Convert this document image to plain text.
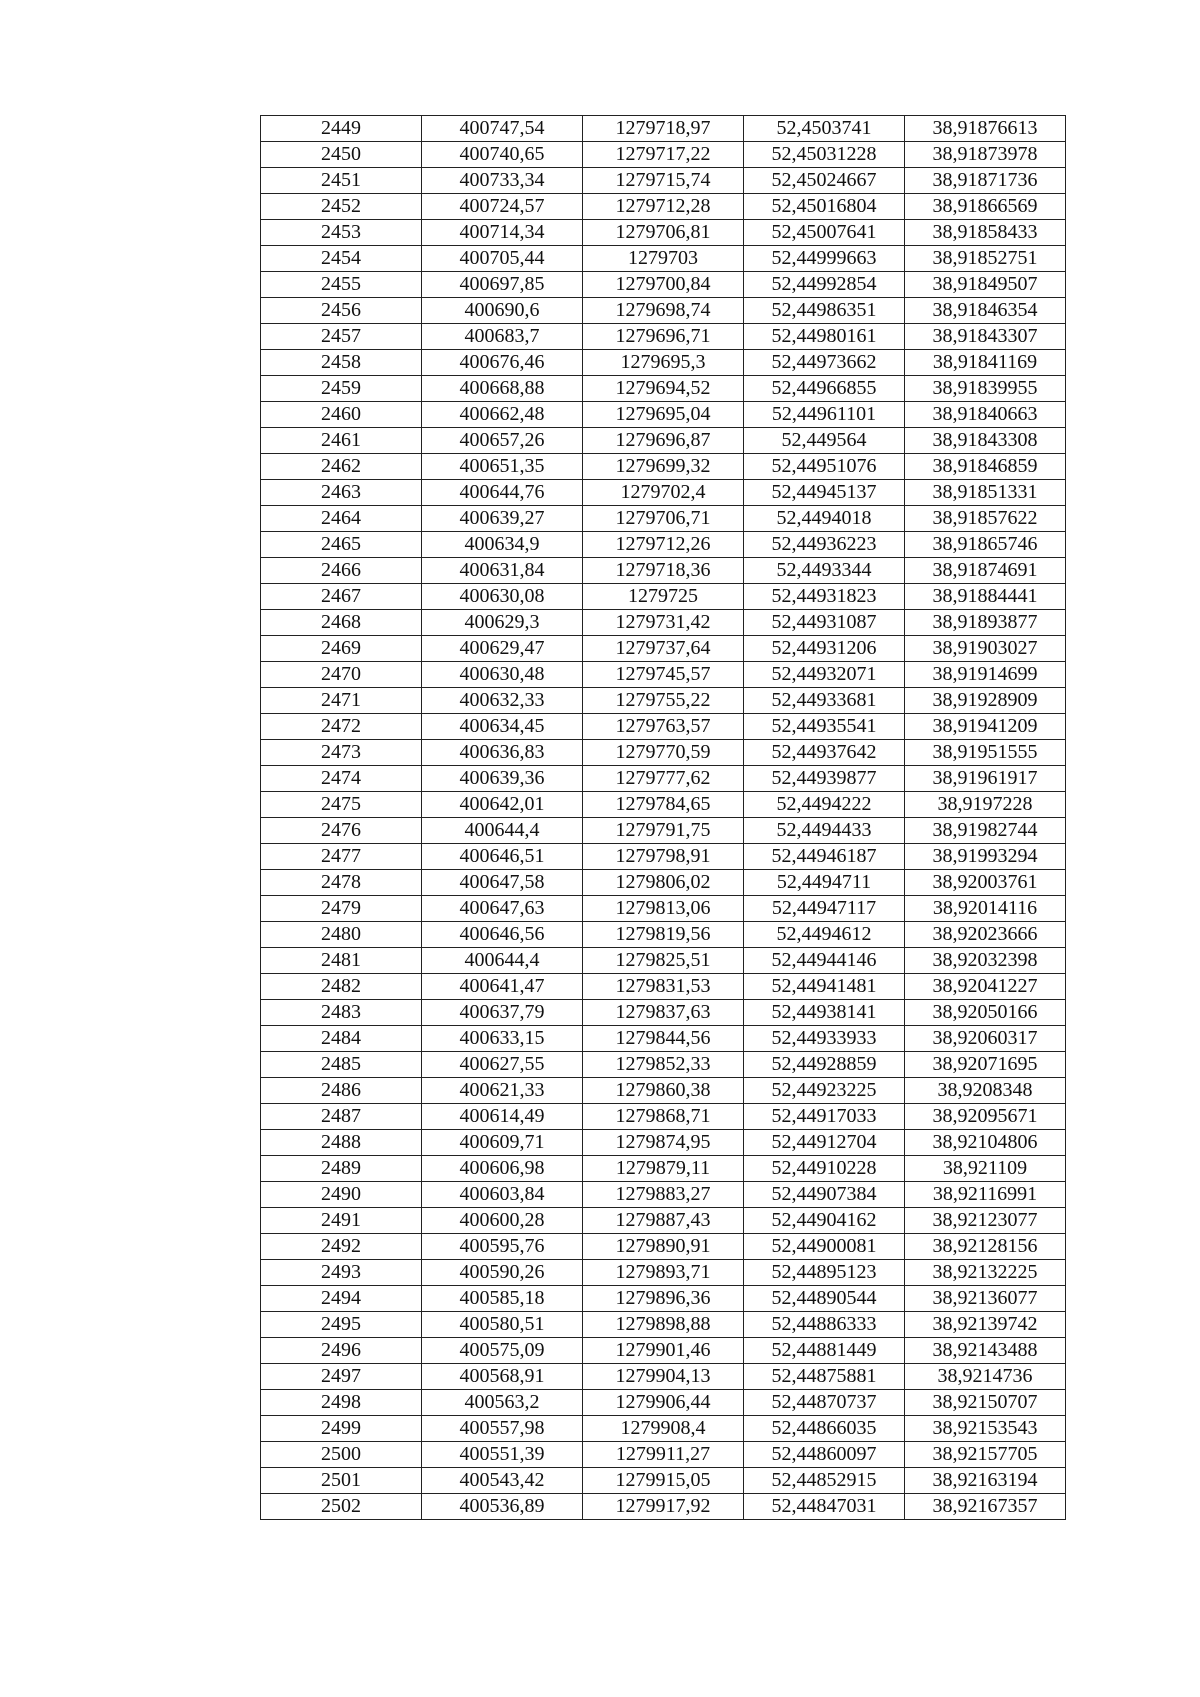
2449	400747,54	1279718,97	52,4503741	38,91876613
2450	400740,65	1279717,22	52,45031228	38,91873978
2451	400733,34	1279715,74	52,45024667	38,91871736
2452	400724,57	1279712,28	52,45016804	38,91866569
2453	400714,34	1279706,81	52,45007641	38,91858433
2454	400705,44	1279703	52,44999663	38,91852751
2455	400697,85	1279700,84	52,44992854	38,91849507
2456	400690,6	1279698,74	52,44986351	38,91846354
2457	400683,7	1279696,71	52,44980161	38,91843307
2458	400676,46	1279695,3	52,44973662	38,91841169
2459	400668,88	1279694,52	52,44966855	38,91839955
2460	400662,48	1279695,04	52,44961101	38,91840663
2461	400657,26	1279696,87	52,449564	38,91843308
2462	400651,35	1279699,32	52,44951076	38,91846859
2463	400644,76	1279702,4	52,44945137	38,91851331
2464	400639,27	1279706,71	52,4494018	38,91857622
2465	400634,9	1279712,26	52,44936223	38,91865746
2466	400631,84	1279718,36	52,4493344	38,91874691
2467	400630,08	1279725	52,44931823	38,91884441
2468	400629,3	1279731,42	52,44931087	38,91893877
2469	400629,47	1279737,64	52,44931206	38,91903027
2470	400630,48	1279745,57	52,44932071	38,91914699
2471	400632,33	1279755,22	52,44933681	38,91928909
2472	400634,45	1279763,57	52,44935541	38,91941209
2473	400636,83	1279770,59	52,44937642	38,91951555
2474	400639,36	1279777,62	52,44939877	38,91961917
2475	400642,01	1279784,65	52,4494222	38,9197228
2476	400644,4	1279791,75	52,4494433	38,91982744
2477	400646,51	1279798,91	52,44946187	38,91993294
2478	400647,58	1279806,02	52,4494711	38,92003761
2479	400647,63	1279813,06	52,44947117	38,92014116
2480	400646,56	1279819,56	52,4494612	38,92023666
2481	400644,4	1279825,51	52,44944146	38,92032398
2482	400641,47	1279831,53	52,44941481	38,92041227
2483	400637,79	1279837,63	52,44938141	38,92050166
2484	400633,15	1279844,56	52,44933933	38,92060317
2485	400627,55	1279852,33	52,44928859	38,92071695
2486	400621,33	1279860,38	52,44923225	38,9208348
2487	400614,49	1279868,71	52,44917033	38,92095671
2488	400609,71	1279874,95	52,44912704	38,92104806
2489	400606,98	1279879,11	52,44910228	38,921109
2490	400603,84	1279883,27	52,44907384	38,92116991
2491	400600,28	1279887,43	52,44904162	38,92123077
2492	400595,76	1279890,91	52,44900081	38,92128156
2493	400590,26	1279893,71	52,44895123	38,92132225
2494	400585,18	1279896,36	52,44890544	38,92136077
2495	400580,51	1279898,88	52,44886333	38,92139742
2496	400575,09	1279901,46	52,44881449	38,92143488
2497	400568,91	1279904,13	52,44875881	38,9214736
2498	400563,2	1279906,44	52,44870737	38,92150707
2499	400557,98	1279908,4	52,44866035	38,92153543
2500	400551,39	1279911,27	52,44860097	38,92157705
2501	400543,42	1279915,05	52,44852915	38,92163194
2502	400536,89	1279917,92	52,44847031	38,92167357
